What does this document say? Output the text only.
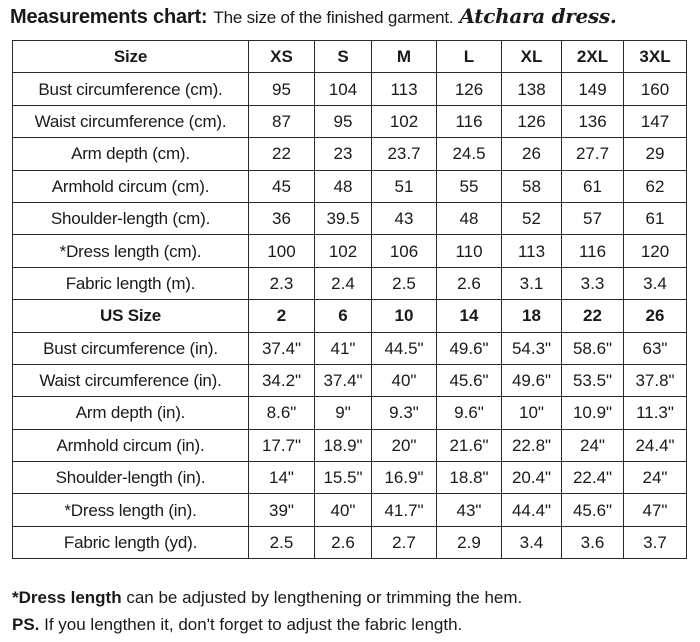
Measurements chart: The size of the finished garment. Atchara dress.
Size	XS	S	M	L	XL	2XL	3XL
Bust circumference (cm).	95	104	113	126	138	149	160
Waist circumference (cm).	87	95	102	116	126	136	147
Arm depth (cm).	22	23	23.7	24.5	26	27.7	29
Armhold circum (cm).	45	48	51	55	58	61	62
Shoulder-length (cm).	36	39.5	43	48	52	57	61
*Dress length (cm).	100	102	106	110	113	116	120
Fabric length (m).	2.3	2.4	2.5	2.6	3.1	3.3	3.4
US Size	2	6	10	14	18	22	26
Bust circumference (in).	37.4"	41"	44.5"	49.6"	54.3"	58.6"	63"
Waist circumference (in).	34.2"	37.4"	40"	45.6"	49.6"	53.5"	37.8"
Arm depth (in).	8.6"	9"	9.3"	9.6"	10"	10.9"	11.3"
Armhold circum (in).	17.7"	18.9"	20"	21.6"	22.8"	24"	24.4"
Shoulder-length (in).	14"	15.5"	16.9"	18.8"	20.4"	22.4"	24"
*Dress length (in).	39"	40"	41.7"	43"	44.4"	45.6"	47"
Fabric length (yd).	2.5	2.6	2.7	2.9	3.4	3.6	3.7
*Dress length can be adjusted by lengthening or trimming the hem.
PS. If you lengthen it, don't forget to adjust the fabric length.
